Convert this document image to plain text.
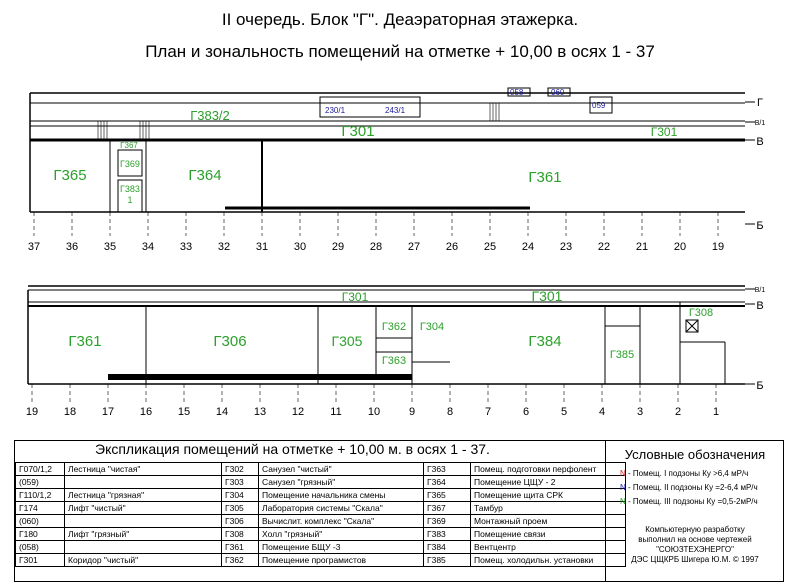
II очередь. Блок "Г". Деаэраторная этажерка.
План и зональность помещений на отметке + 10,00 в осях 1 - 37
Г365	Г364	Г361
Г383/2
Г301	Г301
Г367
Г369
Г383
1
230/1	243/1
058	060
059	Г
В/1
В
Б
37 36 35 34 33 32 31 30 29 28 27 26 25 24 23 22 21 20 19
Г361	Г306	Г305
Г362 Г304
Г363
Г384
Г385
Г308
Г301	Г301	В/1
В
Б
19 18 17 16 15 14 13 12 11 10	9	8	7	6	5	4	3	2	1
Экспликация помещений на отметке + 10,00 м. в осях 1 - 37.
Г070/1,2	Лестница "чистая"	Г302	Санузел "чистый"	Г363	Помещ. подготовки перфолент
(059)		Г303	Санузел "грязный"	Г364	Помещение ЦЩУ - 2
Г110/1,2	Лестница "грязная"	Г304	Помещение начальника смены	Г365	Помещение щита СРК
Г174	Лифт "чистый"	Г305	Лаборатория системы "Скала"	Г367	Тамбур
(060)		Г306	Вычислит. комплекс "Скала"	Г369	Монтажный проем
Г180	Лифт "грязный"	Г308	Холл "грязный"	Г383	Помещение связи
(058)		Г361	Помещение БЩУ -3	Г384	Вентцентр
Г301	Коридор "чистый"	Г362	Помещение програмистов	Г385	Помещ. холодильн. установки
Условные обозначения
N - Помещ. I подзоны Ку >6,4 мР/ч
N - Помещ. II подзоны Ку =2-6,4 мР/ч
N - Помещ. III подзоны Ку =0,5-2мР/ч
Компьютерную разработку
выполнил на основе чертежей
"СОЮЗТЕХЭНЕРГО"
ДЭС ЦЩКРБ Шигера Ю.М. © 1997
